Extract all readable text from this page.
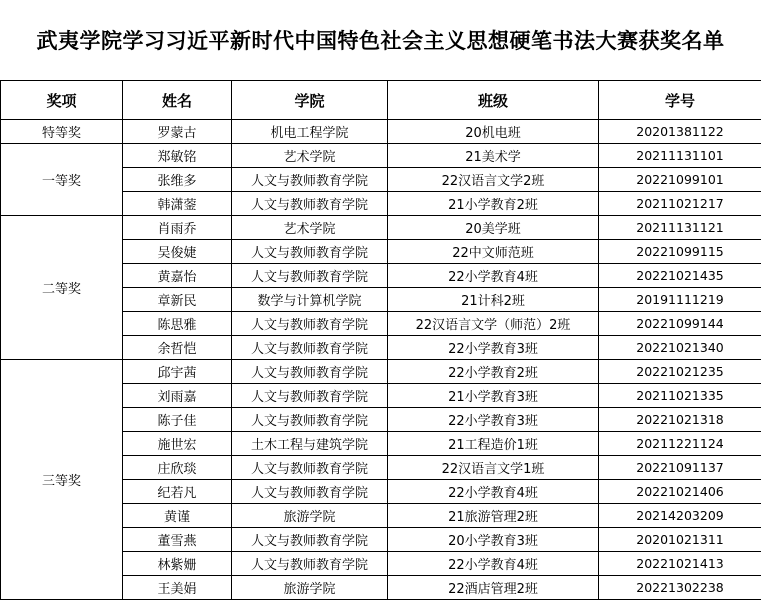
武夷学院学习习近平新时代中国特色社会主义思想硬笔书法大赛获奖名单
奖项	姓名	学院	班级	学号
特等奖	罗蒙古	机电工程学院	20机电班	20201381122
一等奖	郑敏铭	艺术学院	21美术学	20211131101
	张维多	人文与教师教育学院	22汉语言文学2班	20221099101
	韩潇蓥	人文与教师教育学院	21小学教育2班	20211021217
二等奖	肖雨乔	艺术学院	20美学班	20211131121
	吴俊婕	人文与教师教育学院	22中文师范班	20221099115
	黄嘉怡	人文与教师教育学院	22小学教育4班	20221021435
	章新民	数学与计算机学院	21计科2班	20191111219
	陈思雅	人文与教师教育学院	22汉语言文学（师范）2班	20221099144
	余哲恺	人文与教师教育学院	22小学教育3班	20221021340
三等奖	邱宇茜	人文与教师教育学院	22小学教育2班	20221021235
	刘雨嘉	人文与教师教育学院	21小学教育3班	20211021335
	陈子佳	人文与教师教育学院	22小学教育3班	20221021318
	施世宏	土木工程与建筑学院	21工程造价1班	20211221124
	庄欣琰	人文与教师教育学院	22汉语言文学1班	20221091137
	纪若凡	人文与教师教育学院	22小学教育4班	20221021406
	黄谨	旅游学院	21旅游管理2班	20214203209
	董雪燕	人文与教师教育学院	20小学教育3班	20201021311
	林紫姗	人文与教师教育学院	22小学教育4班	20221021413
	王美娟	旅游学院	22酒店管理2班	20221302238
